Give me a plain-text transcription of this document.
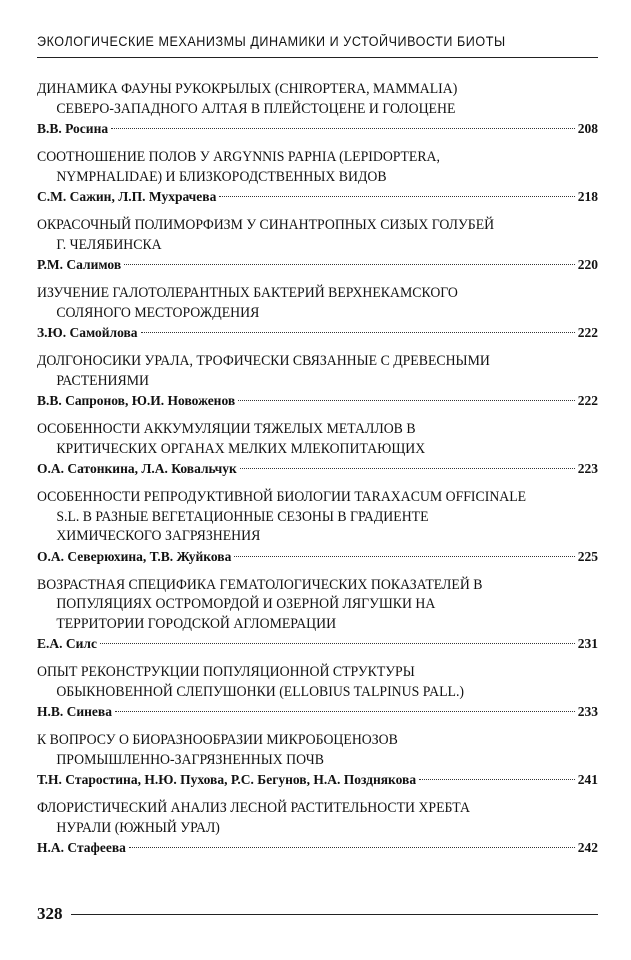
ЭКОЛОГИЧЕСКИЕ МЕХАНИЗМЫ ДИНАМИКИ И УСТОЙЧИВОСТИ БИОТЫ
ДИНАМИКА ФАУНЫ РУКОКРЫЛЫХ (CHIROPTERA, MAMMALIA)
СЕВЕРО-ЗАПАДНОГО АЛТАЯ В ПЛЕЙСТОЦЕНЕ И ГОЛОЦЕНЕ
В.В. Росина	208
СООТНОШЕНИЕ ПОЛОВ У ARGYNNIS PAPHIA (LEPIDOPTERA,
NYMPHALIDAE) И БЛИЗКОРОДСТВЕННЫХ ВИДОВ
С.М. Сажин, Л.П. Мухрачева	218
ОКРАСОЧНЫЙ ПОЛИМОРФИЗМ У СИНАНТРОПНЫХ СИЗЫХ ГОЛУБЕЙ
Г. ЧЕЛЯБИНСКА
Р.М. Салимов	220
ИЗУЧЕНИЕ ГАЛОТОЛЕРАНТНЫХ БАКТЕРИЙ ВЕРХНЕКАМСКОГО
СОЛЯНОГО МЕСТОРОЖДЕНИЯ
З.Ю. Самойлова	222
ДОЛГОНОСИКИ УРАЛА, ТРОФИЧЕСКИ СВЯЗАННЫЕ С ДРЕВЕСНЫМИ
РАСТЕНИЯМИ
В.В. Сапронов, Ю.И. Новоженов	222
ОСОБЕННОСТИ АККУМУЛЯЦИИ ТЯЖЕЛЫХ МЕТАЛЛОВ В
КРИТИЧЕСКИХ ОРГАНАХ МЕЛКИХ МЛЕКОПИТАЮЩИХ
О.А. Сатонкина, Л.А. Ковальчук	223
ОСОБЕННОСТИ РЕПРОДУКТИВНОЙ БИОЛОГИИ TARAXACUM OFFICINALE
S.L. В РАЗНЫЕ ВЕГЕТАЦИОННЫЕ СЕЗОНЫ В ГРАДИЕНТЕ
ХИМИЧЕСКОГО ЗАГРЯЗНЕНИЯ
О.А. Северюхина, Т.В. Жуйкова	225
ВОЗРАСТНАЯ СПЕЦИФИКА ГЕМАТОЛОГИЧЕСКИХ ПОКАЗАТЕЛЕЙ В
ПОПУЛЯЦИЯХ ОСТРОМОРДОЙ И ОЗЕРНОЙ ЛЯГУШКИ НА
ТЕРРИТОРИИ ГОРОДСКОЙ АГЛОМЕРАЦИИ
Е.А. Силс	231
ОПЫТ РЕКОНСТРУКЦИИ ПОПУЛЯЦИОННОЙ СТРУКТУРЫ
ОБЫКНОВЕННОЙ СЛЕПУШОНКИ (ELLOBIUS TALPINUS PALL.)
Н.В. Синева	233
К ВОПРОСУ О БИОРАЗНООБРАЗИИ МИКРОБОЦЕНОЗОВ
ПРОМЫШЛЕННО-ЗАГРЯЗНЕННЫХ ПОЧВ
Т.Н. Старостина, Н.Ю. Пухова, Р.С. Бегунов, Н.А. Позднякова	241
ФЛОРИСТИЧЕСКИЙ АНАЛИЗ ЛЕСНОЙ РАСТИТЕЛЬНОСТИ ХРЕБТА
НУРАЛИ (ЮЖНЫЙ УРАЛ)
Н.А. Стафеева	242
328
